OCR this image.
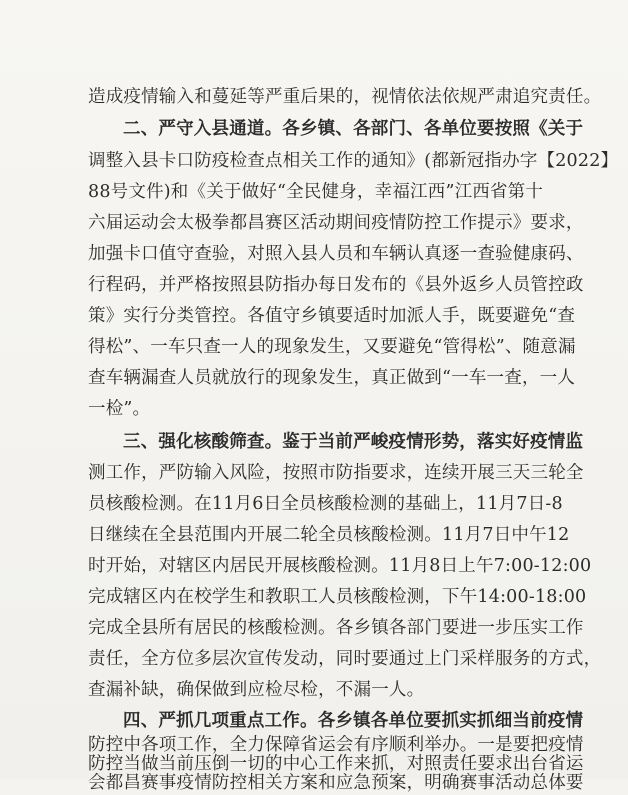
造成疫情输入和蔓延等严重后果的，视情依法依规严肃追究责任。
二、严守入县通道。各乡镇、各部门、各单位要按照《关于
调整入县卡口防疫检查点相关工作的通知》(都新冠指办字【2022】
88号文件)和《关于做好“全民健身，幸福江西”江西省第十
六届运动会太极拳都昌赛区活动期间疫情防控工作提示》要求，
加强卡口值守查验，对照入县人员和车辆认真逐一查验健康码、
行程码，并严格按照县防指办每日发布的《县外返乡人员管控政
策》实行分类管控。各值守乡镇要适时加派人手，既要避免“查
得松”、一车只查一人的现象发生，又要避免“管得松”、随意漏
查车辆漏查人员就放行的现象发生，真正做到“一车一查，一人
一检”。
三、强化核酸筛查。鉴于当前严峻疫情形势，落实好疫情监
测工作，严防输入风险，按照市防指要求，连续开展三天三轮全
员核酸检测。在11月6日全员核酸检测的基础上，11月7日-8
日继续在全县范围内开展二轮全员核酸检测。11月7日中午12
时开始，对辖区内居民开展核酸检测。11月8日上午7:00-12:00
完成辖区内在校学生和教职工人员核酸检测，下午14:00-18:00
完成全县所有居民的核酸检测。各乡镇各部门要进一步压实工作
责任，全方位多层次宣传发动，同时要通过上门采样服务的方式，
查漏补缺，确保做到应检尽检，不漏一人。
四、严抓几项重点工作。各乡镇各单位要抓实抓细当前疫情
防控中各项工作，全力保障省运会有序顺利举办。一是要把疫情
防控当做当前压倒一切的中心工作来抓，对照责任要求出台省运
会都昌赛事疫情防控相关方案和应急预案，明确赛事活动总体要
